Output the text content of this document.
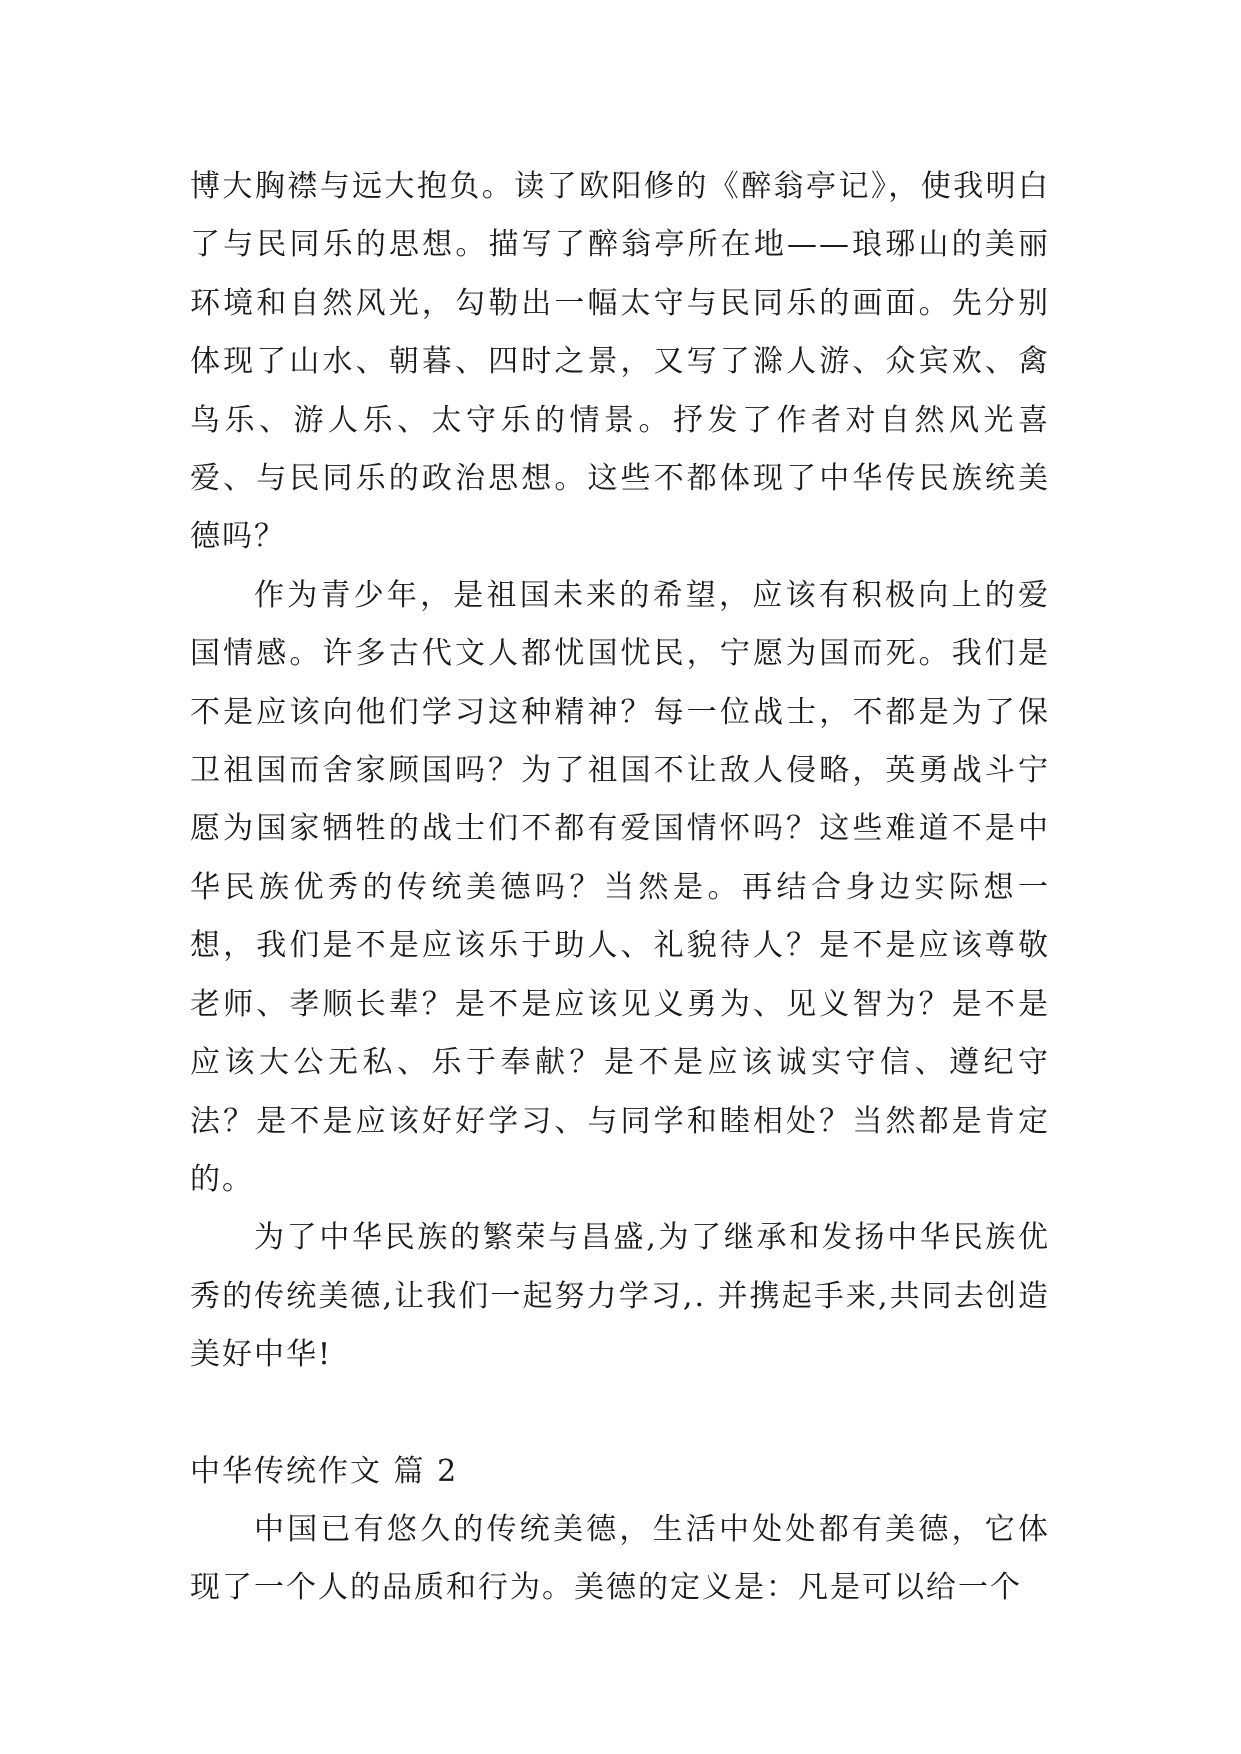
博大胸襟与远大抱负。读了欧阳修的《醉翁亭记》，使我明白了与民同乐的思想。描写了醉翁亭所在地——琅琊山的美丽环境和自然风光，勾勒出一幅太守与民同乐的画面。先分别体现了山水、朝暮、四时之景，又写了滁人游、众宾欢、禽鸟乐、游人乐、太守乐的情景。抒发了作者对自然风光喜爱、与民同乐的政治思想。这些不都体现了中华传民族统美德吗？

作为青少年，是祖国未来的希望，应该有积极向上的爱国情感。许多古代文人都忧国忧民，宁愿为国而死。我们是不是应该向他们学习这种精神？每一位战士，不都是为了保卫祖国而舍家顾国吗？为了祖国不让敌人侵略，英勇战斗宁愿为国家牺牲的战士们不都有爱国情怀吗？这些难道不是中华民族优秀的传统美德吗？当然是。再结合身边实际想一想，我们是不是应该乐于助人、礼貌待人？是不是应该尊敬老师、孝顺长辈？是不是应该见义勇为、见义智为？是不是应该大公无私、乐于奉献？是不是应该诚实守信、遵纪守法？是不是应该好好学习、与同学和睦相处？当然都是肯定的。

为了中华民族的繁荣与昌盛,为了继承和发扬中华民族优秀的传统美德,让我们一起努力学习,. 并携起手来,共同去创造美好中华!

中华传统作文 篇 2

中国已有悠久的传统美德，生活中处处都有美德，它体现了一个人的品质和行为。美德的定义是：凡是可以给一个
